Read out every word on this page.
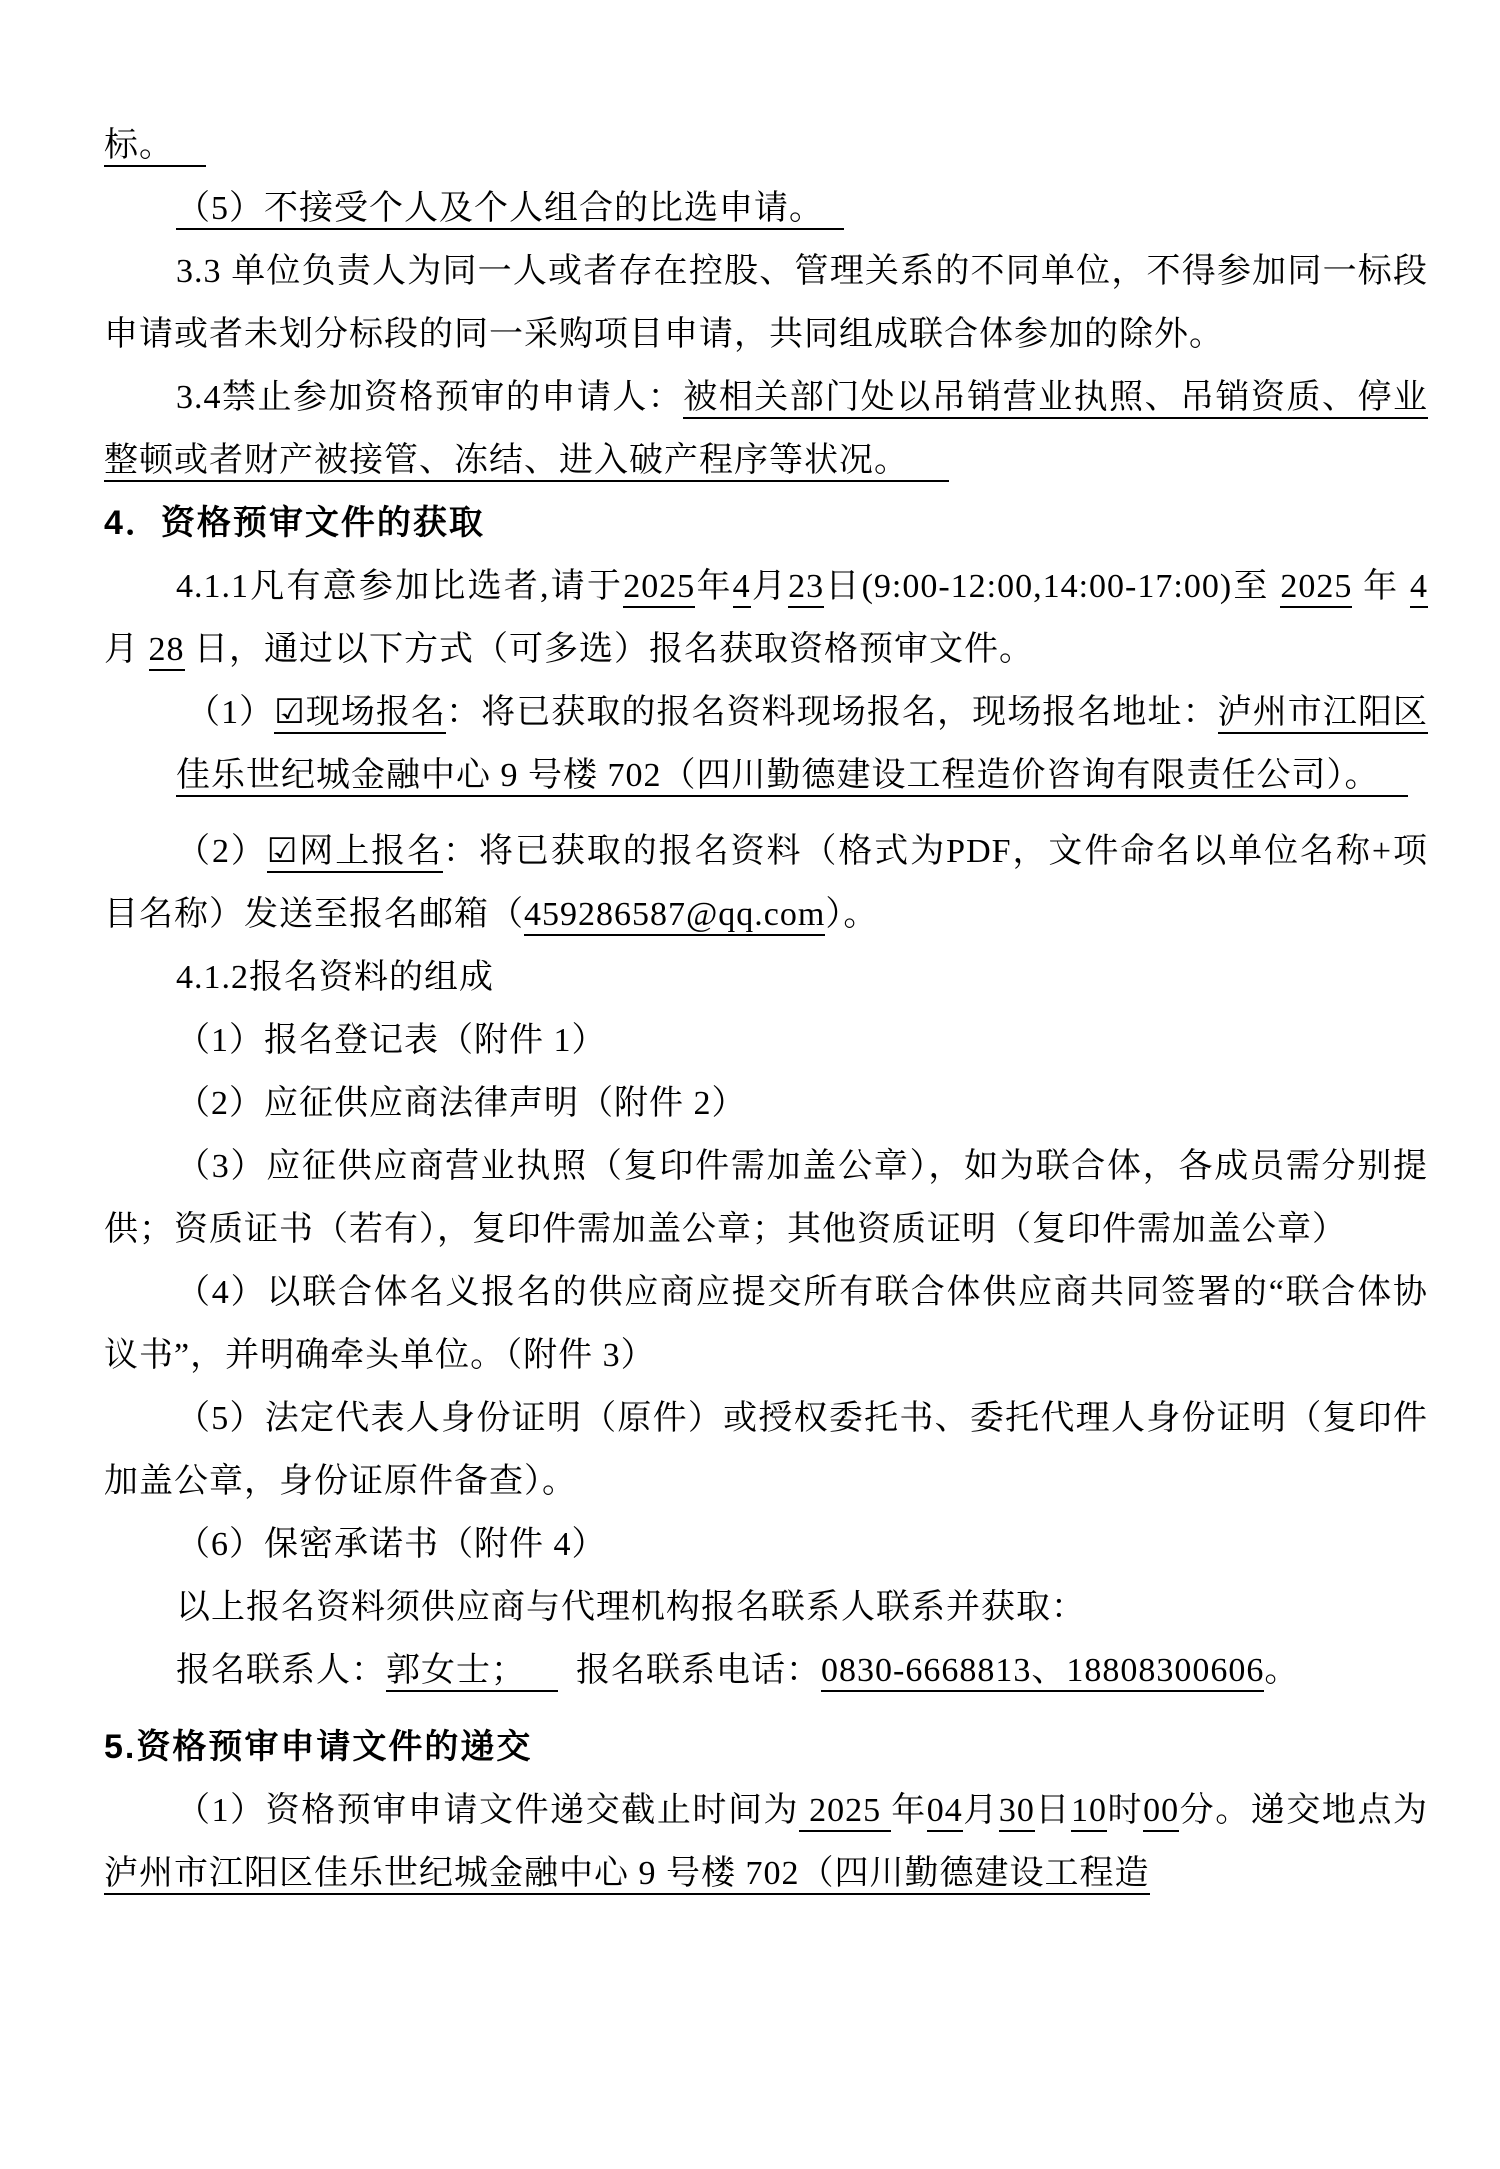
标。

（5）不接受个人及个人组合的比选申请。

3.3 单位负责人为同一人或者存在控股、管理关系的不同单位，不得参加同一标段申请或者未划分标段的同一采购项目申请，共同组成联合体参加的除外。

3.4禁止参加资格预审的申请人：被相关部门处以吊销营业执照、吊销资质、停业整顿或者财产被接管、冻结、进入破产程序等状况。

4．资格预审文件的获取

4.1.1凡有意参加比选者,请于2025年4月23日(9:00-12:00,14:00-17:00)至 2025 年 4 月 28 日，通过以下方式（可多选）报名获取资格预审文件。

（1）☑现场报名：将已获取的报名资料现场报名，现场报名地址：泸州市江阳区佳乐世纪城金融中心 9 号楼 702（四川勤德建设工程造价咨询有限责任公司）。

（2）☑网上报名：将已获取的报名资料（格式为PDF，文件命名以单位名称+项目名称）发送至报名邮箱（459286587@qq.com）。

4.1.2报名资料的组成

（1）报名登记表（附件 1）

（2）应征供应商法律声明（附件 2）

（3）应征供应商营业执照（复印件需加盖公章），如为联合体，各成员需分别提供；资质证书（若有），复印件需加盖公章；其他资质证明（复印件需加盖公章）

（4）以联合体名义报名的供应商应提交所有联合体供应商共同签署的“联合体协议书”，并明确牵头单位。（附件 3）

（5）法定代表人身份证明（原件）或授权委托书、委托代理人身份证明（复印件加盖公章，身份证原件备查）。

（6）保密承诺书（附件 4）

以上报名资料须供应商与代理机构报名联系人联系并获取：

报名联系人：郭女士； 报名联系电话：0830-6668813、18808300606。

5.资格预审申请文件的递交

（1）资格预审申请文件递交截止时间为 2025 年04月30日10时00分。递交地点为泸州市江阳区佳乐世纪城金融中心 9 号楼 702（四川勤德建设工程造
